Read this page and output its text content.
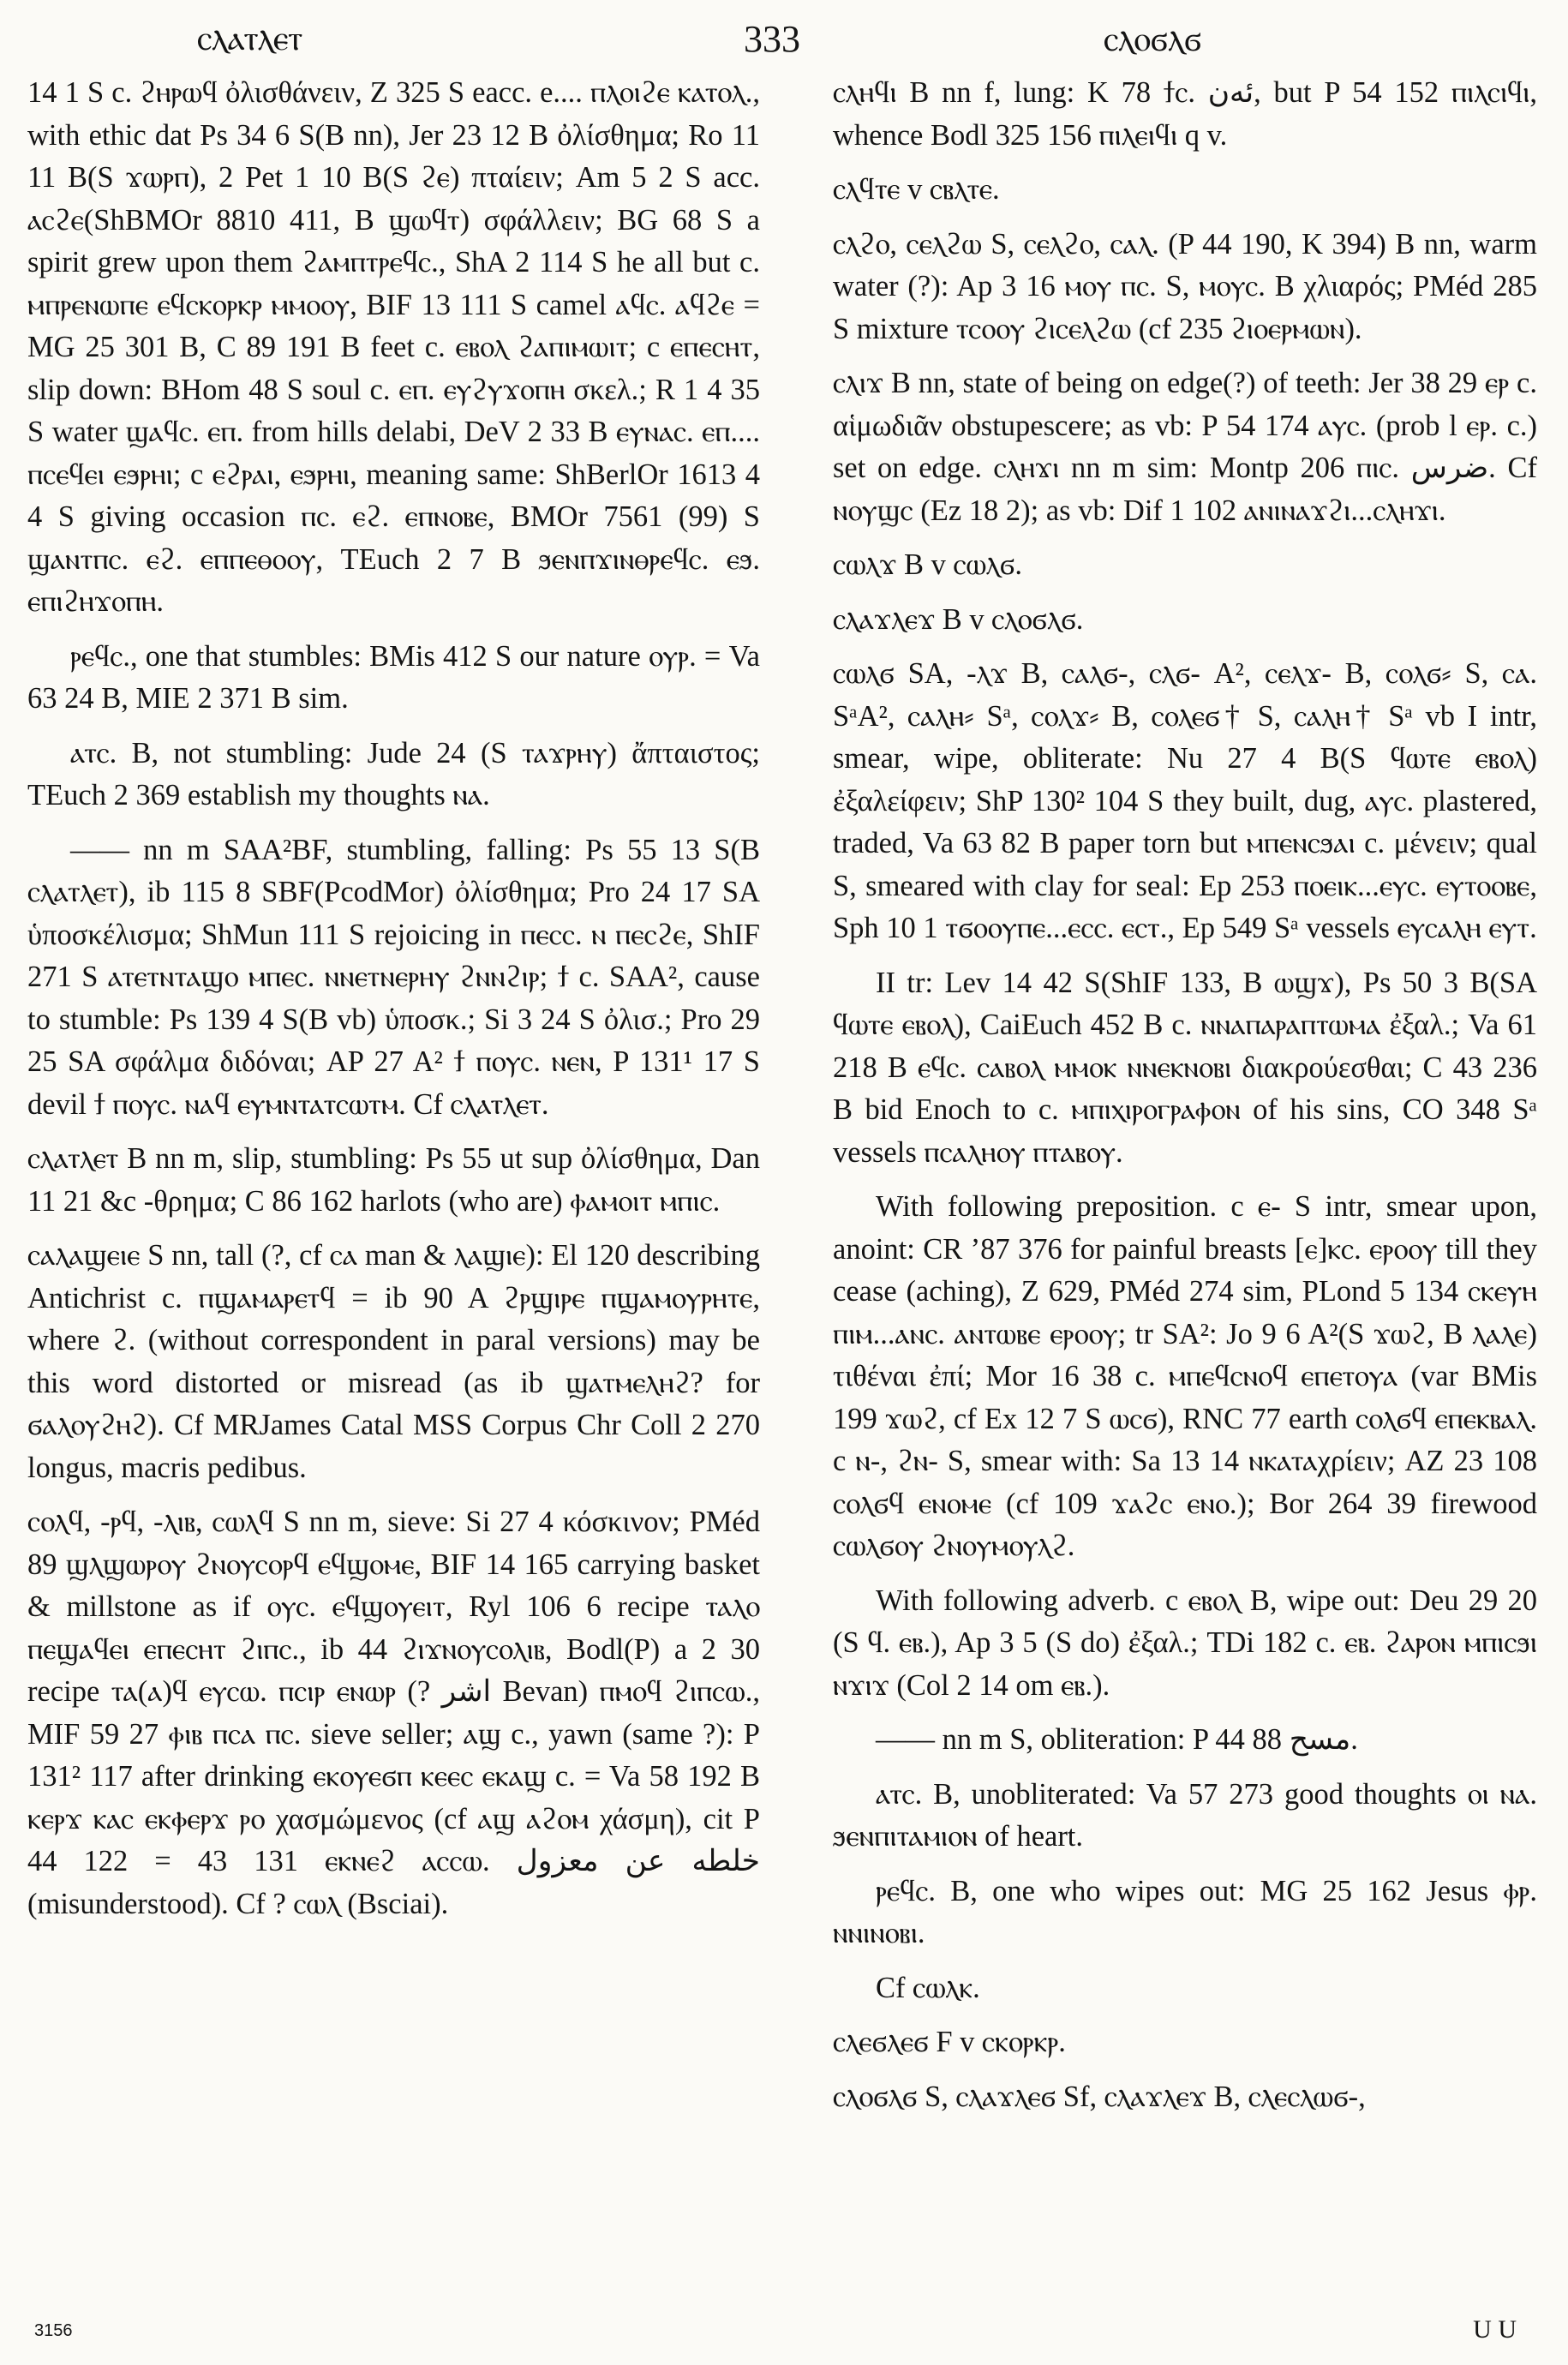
ⲥⲗⲁⲧⲗⲉⲧ	333	ⲥⲗⲟϭⲗϭ

14 1 S c. ϩⲏⲣⲱϥ ὀλισθάνειν, Z 325 S eacc. e.... ⲡⲗⲟⲓϩⲉ ⲕⲁⲧⲟⲗ., with ethic dat Ps 34 6 S(B nn), Jer 23 12 B ὀλίσθημα; Ro 11 11 B(S ϫⲱⲣⲡ), 2 Pet 1 10 B(S ϩⲉ) πταίειν; Am 5 2 S acc. ⲁⲥϩⲉ(ShBMOr 8810 411, B ϣⲱϥⲧ) σφάλλειν; BG 68 S a spirit grew upon them ϩⲁⲙⲡⲧⲣⲉϥⲥ., ShA 2 114 S he all but c. ⲙⲡⲣⲉⲛⲱⲡⲉ ⲉϥⲥⲕⲟⲣⲕⲣ ⲙⲙⲟⲟⲩ, BIF 13 111 S camel ⲁϥⲥ. ⲁϥϩⲉ = MG 25 301 B, C 89 191 B feet c. ⲉⲃⲟⲗ ϩⲁⲡⲓⲙⲱⲓⲧ; c ⲉⲡⲉⲥⲏⲧ, slip down: BHom 48 S soul c. ⲉⲡ. ⲉⲩϩⲩϫⲟⲡⲏ σκελ.; R 1 4 35 S water ϣⲁϥⲥ. ⲉⲡ. from hills delabi, DeV 2 33 B ⲉⲩⲛⲁⲥ. ⲉⲡ.... ⲡⲥⲉϥⲉⲓ ⲉϧⲣⲏⲓ; c ⲉϩⲣⲁⲓ, ⲉϧⲣⲏⲓ, meaning same: ShBerlOr 1613 4 4 S giving occasion ⲡⲥ. ⲉϩ. ⲉⲡⲛⲟⲃⲉ, BMOr 7561 (99) S ϣⲁⲛⲧⲡⲥ. ⲉϩ. ⲉⲡⲡⲉⲑⲟⲟⲩ, TEuch 2 7 B ϧⲉⲛⲡϫⲓⲛⲑⲣⲉϥⲥ. ⲉϧ. ⲉⲡⲓϩⲏϫⲟⲡⲏ.

ⲣⲉϥⲥ., one that stumbles: BMis 412 S our nature ⲟⲩⲣ. = Va 63 24 B, MIE 2 371 B sim.

ⲁⲧⲥ. B, not stumbling: Jude 24 (S ⲧⲁϫⲣⲏⲩ) ἄπταιστος; TEuch 2 369 establish my thoughts ⲛⲁ.

—— nn m SAA²BF, stumbling, falling: Ps 55 13 S(B ⲥⲗⲁⲧⲗⲉⲧ), ib 115 8 SBF(PcodMor) ὀλίσθημα; Pro 24 17 SA ὑποσκέλισμα; ShMun 111 S rejoicing in ⲡⲉⲥⲥ. ⲛ ⲡⲉⲥϩⲉ, ShIF 271 S ⲁⲧⲉⲧⲛⲧⲁϣⲟ ⲙⲡⲉⲥ. ⲛⲛⲉⲧⲛⲉⲣⲏⲩ ϩⲛⲛϩⲓⲣ; ϯ c. SAA², cause to stumble: Ps 139 4 S(B vb) ὑποσκ.; Si 3 24 S ὀλισ.; Pro 29 25 SA σφάλμα διδόναι; AP 27 A² ϯ ⲡⲟⲩⲥ. ⲛⲉⲛ, P 131¹ 17 S devil ϯ ⲡⲟⲩⲥ. ⲛⲁϥ ⲉⲩⲙⲛⲧⲁⲧⲥⲱⲧⲙ. Cf ⲥⲗⲁⲧⲗⲉⲧ.

ⲥⲗⲁⲧⲗⲉⲧ B nn m, slip, stumbling: Ps 55 ut sup ὀλίσθημα, Dan 11 21 &c -θρημα; C 86 162 harlots (who are) ⲫⲁⲙⲟⲓⲧ ⲙⲡⲓⲥ.

ⲥⲁⲗⲁϣⲉⲓⲉ S nn, tall (?, cf ⲥⲁ man & ⲗⲁϣⲓⲉ): El 120 describing Antichrist c. ⲡϣⲁⲙⲁⲣⲉⲧϥ = ib 90 A ϩⲣϣⲓⲣⲉ ⲡϣⲁⲙⲟⲩⲣⲏⲧⲉ, where ϩ. (without correspondent in paral versions) may be this word distorted or misread (as ib ϣⲁⲧⲙⲉⲗⲏϩ? for ϭⲁⲗⲟⲩϩⲏϩ). Cf MRJames Catal MSS Corpus Chr Coll 2 270 longus, macris pedibus.

ⲥⲟⲗϥ, -ⲣϥ, -ⲗⲓⲃ, ⲥⲱⲗϥ S nn m, sieve: Si 27 4 κόσκινον; PMéd 89 ϣⲗϣⲱⲣⲟⲩ ϩⲛⲟⲩⲥⲟⲣϥ ⲉϥϣⲟⲙⲉ, BIF 14 165 carrying basket & millstone as if ⲟⲩⲥ. ⲉϥϣⲟⲩⲉⲓⲧ, Ryl 106 6 recipe ⲧⲁⲗⲟ ⲡⲉϣⲁϥⲉⲓ ⲉⲡⲉⲥⲏⲧ ϩⲓⲡⲥ., ib 44 ϩⲓϫⲛⲟⲩⲥⲟⲗⲓⲃ, Bodl(P) a 2 30 recipe ⲧⲁ(ⲁ)ϥ ⲉⲩⲥⲱ. ⲡⲥⲓⲣ ⲉⲛⲱⲣ (? اشر Bevan) ⲡⲙⲟϥ ϩⲓⲡⲥⲱ., MIF 59 27 ⲫⲓⲃ ⲡⲥⲁ ⲡⲥ. sieve seller; ⲁϣ c., yawn (same ?): P 131² 117 after drinking ⲉⲕⲟⲩⲉϭⲡ ⲕⲉⲉⲥ ⲉⲕⲁϣ c. = Va 58 192 B ⲕⲉⲣϫ ⲕⲁⲥ ⲉⲕⲫⲉⲣϫ ⲣⲟ χασμώμενος (cf ⲁϣ ⲁϩⲟⲙ χάσμη), cit P 44 122 = 43 131 ⲉⲕⲛⲉϩ ⲁⲥⲥⲱ. خلطه عن معزول (misunderstood). Cf ? ⲥⲱⲗ (Bsciai).

ⲥⲗⲏϥⲓ B nn f, lung: K 78 ϯⲥ. ئەن, but P 54 152 ⲡⲓⲗⲥⲓϥⲓ, whence Bodl 325 156 ⲡⲓⲗⲉⲓϥⲓ q v.

ⲥⲗϥⲧⲉ v ⲥⲃⲗⲧⲉ.

ⲥⲗϩⲟ, ⲥⲉⲗϩⲱ S, ⲥⲉⲗϩⲟ, ⲥⲁⲗ. (P 44 190, K 394) B nn, warm water (?): Ap 3 16 ⲙⲟⲩ ⲡⲥ. S, ⲙⲟⲩⲥ. B χλιαρός; PMéd 285 S mixture ⲧⲥⲟⲟⲩ ϩⲓⲥⲉⲗϩⲱ (cf 235 ϩⲓⲟⲉⲣⲙⲱⲛ).

ⲥⲗⲓϫ B nn, state of being on edge(?) of teeth: Jer 38 29 ⲉⲣ c. αἱμωδιᾶν obstupescere; as vb: P 54 174 ⲁⲩⲥ. (prob l ⲉⲣ. c.) set on edge. ⲥⲗⲏϫⲓ nn m sim: Montp 206 ⲡⲓⲥ. ضرس. Cf ⲛⲟⲩϣⲥ (Ez 18 2); as vb: Dif 1 102 ⲁⲛⲓⲛⲁϫϩⲓ...ⲥⲗⲏϫⲓ.

ⲥⲱⲗϫ B v ⲥⲱⲗϭ.

ⲥⲗⲁϫⲗⲉϫ B v ⲥⲗⲟϭⲗϭ.

ⲥⲱⲗϭ SA, -ⲗϫ B, ⲥⲁⲗϭ-, ⲥⲗϭ- A², ⲥⲉⲗϫ- B, ⲥⲟⲗϭ⸗ S, ⲥⲁ. SᵃA², ⲥⲁⲗⲏ⸗ Sᵃ, ⲥⲟⲗϫ⸗ B, ⲥⲟⲗⲉϭ† S, ⲥⲁⲗⲏ† Sᵃ vb I intr, smear, wipe, obliterate: Nu 27 4 B(S ϥⲱⲧⲉ ⲉⲃⲟⲗ) ἐξαλείφειν; ShP 130² 104 S they built, dug, ⲁⲩⲥ. plastered, traded, Va 63 82 B paper torn but ⲙⲡⲉⲛⲥϧⲁⲓ c. μένειν; qual S, smeared with clay for seal: Ep 253 ⲡⲟⲉⲓⲕ...ⲉⲩⲥ. ⲉⲩⲧⲟⲟⲃⲉ, Sph 10 1 ⲧϭⲟⲟⲩⲡⲉ...ⲉⲥⲥ. ⲉⲥⲧ., Ep 549 Sᵃ vessels ⲉⲩⲥⲁⲗⲏ ⲉⲩⲧ.

II tr: Lev 14 42 S(ShIF 133, B ⲱϣϫ), Ps 50 3 B(SA ϥⲱⲧⲉ ⲉⲃⲟⲗ), CaiEuch 452 B c. ⲛⲛⲁⲡⲁⲣⲁⲡⲧⲱⲙⲁ ἐξαλ.; Va 61 218 B ⲉϥⲥ. ⲥⲁⲃⲟⲗ ⲙⲙⲟⲕ ⲛⲛⲉⲕⲛⲟⲃⲓ διακρούεσθαι; C 43 236 B bid Enoch to c. ⲙⲡⲓⲭⲓⲣⲟⲅⲣⲁⲫⲟⲛ of his sins, CO 348 Sᵃ vessels ⲡⲥⲁⲗⲏⲟⲩ ⲡⲧⲁⲃⲟⲩ.

With following preposition. c ⲉ- S intr, smear upon, anoint: CR ’87 376 for painful breasts [ⲉ]ⲕⲥ. ⲉⲣⲟⲟⲩ till they cease (aching), Z 629, PMéd 274 sim, PLond 5 134 ⲥⲕⲉⲩⲏ ⲡⲓⲙ...ⲁⲛⲥ. ⲁⲛⲧⲱⲃⲉ ⲉⲣⲟⲟⲩ; tr SA²: Jo 9 6 A²(S ϫⲱϩ, B ⲗⲁⲗⲉ) τιθέναι ἐπί; Mor 16 38 c. ⲙⲡⲉϥⲥⲛⲟϥ ⲉⲡⲉⲧⲟⲩⲁ (var BMis 199 ϫⲱϩ, cf Ex 12 7 S ⲱⲥϭ), RNC 77 earth ⲥⲟⲗϭϥ ⲉⲡⲉⲕⲃⲁⲗ. c ⲛ-, ϩⲛ- S, smear with: Sa 13 14 ⲛⲕⲁⲧⲁχρίειν; AZ 23 108 ⲥⲟⲗϭϥ ⲉⲛⲟⲙⲉ (cf 109 ϫⲁϩⲥ ⲉⲛⲟ.); Bor 264 39 firewood ⲥⲱⲗϭⲟⲩ ϩⲛⲟⲩⲙⲟⲩⲗϩ.

With following adverb. c ⲉⲃⲟⲗ B, wipe out: Deu 29 20 (S ϥ. ⲉⲃ.), Ap 3 5 (S do) ἐξαλ.; TDi 182 c. ⲉⲃ. ϩⲁⲣⲟⲛ ⲙⲡⲓⲥϧⲓ ⲛϫⲓϫ (Col 2 14 om ⲉⲃ.).

—— nn m S, obliteration: P 44 88 مسح.

ⲁⲧⲥ. B, unobliterated: Va 57 273 good thoughts ⲟⲓ ⲛⲁ. ϧⲉⲛⲡⲓⲧⲁⲙⲓⲟⲛ of heart.

ⲣⲉϥⲥ. B, one who wipes out: MG 25 162 Jesus ⲫⲣ. ⲛⲛⲓⲛⲟⲃⲓ.

Cf ⲥⲱⲗⲕ.

ⲥⲗⲉϭⲗⲉϭ F v ⲥⲕⲟⲣⲕⲣ.

ⲥⲗⲟϭⲗϭ S, ⲥⲗⲁϫⲗⲉϭ Sf, ⲥⲗⲁϫⲗⲉϫ B, ⲥⲗⲉⲥⲗⲱϭ-,

3156	U U
